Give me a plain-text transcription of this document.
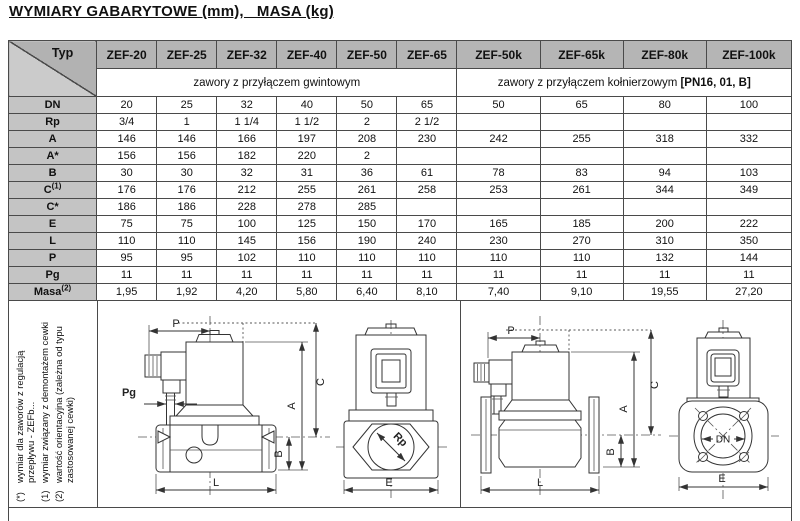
WYMIARY GABARYTOWE (mm),   MASA (kg)
Typ	ZEF-20	ZEF-25	ZEF-32	ZEF-40	ZEF-50	ZEF-65	ZEF-50k	ZEF-65k	ZEF-80k	ZEF-100k
	zawory z przyłączem gwintowym						zawory z przyłączem kołnierzowym [PN16, 01, B]			
DN	20	25	32	40	50	65	50	65	80	100
Rp	3/4	1	1 1/4	1 1/2	2	2 1/2				
A	146	146	166	197	208	230	242	255	318	332
A*	156	156	182	220	2					
B	30	30	32	31	36	61	78	83	94	103
$C^{(1)}$	176	176	212	255	261	258	253	261	344	349
C*	186	186	228	278	285					
E	75	75	100	125	150	170	165	185	200	222
L	110	110	145	156	190	240	230	270	310	350
P	95	95	102	110	110	110	110	110	132	144
Pg	11	11	11	11	11	11	11	11	11	11
Masa$^{(2)}$	1,95	1,92	4,20	5,80	6,40	8,10	7,40	9,10	19,55	27,20
(*)
wymiar dla zaworów z regulacją przepływu - ZEFb...
(1)
wymiar związany z demontażem cewki
(2)
wartość orientacyjna (zależna od typu zastosowanej cewki)
P
C
A
B
L
Pg
Rp
E
P
C
A
B
L
DN
E
